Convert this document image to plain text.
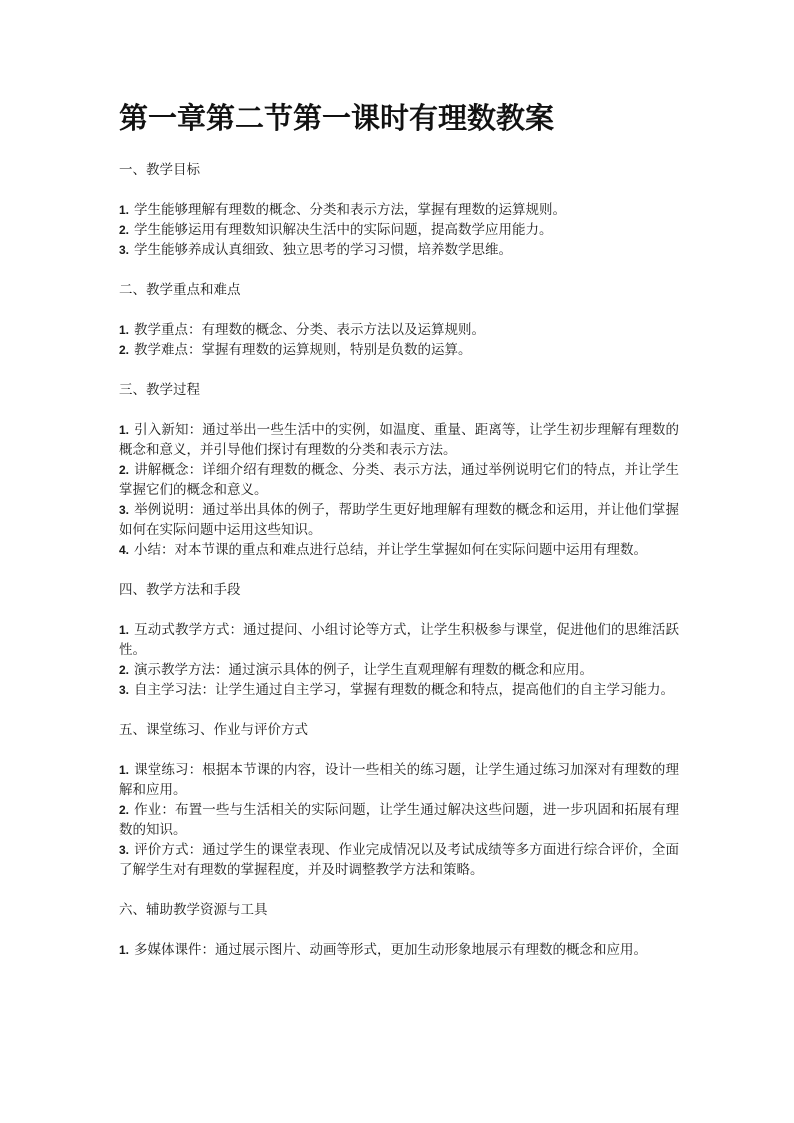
第一章第二节第一课时有理数教案

一、教学目标

1. 学生能够理解有理数的概念、分类和表示方法，掌握有理数的运算规则。
2. 学生能够运用有理数知识解决生活中的实际问题，提高数学应用能力。
3. 学生能够养成认真细致、独立思考的学习习惯，培养数学思维。

二、教学重点和难点

1. 教学重点：有理数的概念、分类、表示方法以及运算规则。
2. 教学难点：掌握有理数的运算规则，特别是负数的运算。

三、教学过程

1. 引入新知：通过举出一些生活中的实例，如温度、重量、距离等，让学生初步理解有理数的概念和意义，并引导他们探讨有理数的分类和表示方法。
2. 讲解概念：详细介绍有理数的概念、分类、表示方法，通过举例说明它们的特点，并让学生掌握它们的概念和意义。
3. 举例说明：通过举出具体的例子，帮助学生更好地理解有理数的概念和运用，并让他们掌握如何在实际问题中运用这些知识。
4. 小结：对本节课的重点和难点进行总结，并让学生掌握如何在实际问题中运用有理数。

四、教学方法和手段

1. 互动式教学方式：通过提问、小组讨论等方式，让学生积极参与课堂，促进他们的思维活跃性。
2. 演示教学方法：通过演示具体的例子，让学生直观理解有理数的概念和应用。
3. 自主学习法：让学生通过自主学习，掌握有理数的概念和特点，提高他们的自主学习能力。

五、课堂练习、作业与评价方式

1. 课堂练习：根据本节课的内容，设计一些相关的练习题，让学生通过练习加深对有理数的理解和应用。
2. 作业：布置一些与生活相关的实际问题，让学生通过解决这些问题，进一步巩固和拓展有理数的知识。
3. 评价方式：通过学生的课堂表现、作业完成情况以及考试成绩等多方面进行综合评价，全面了解学生对有理数的掌握程度，并及时调整教学方法和策略。

六、辅助教学资源与工具

1. 多媒体课件：通过展示图片、动画等形式，更加生动形象地展示有理数的概念和应用。
